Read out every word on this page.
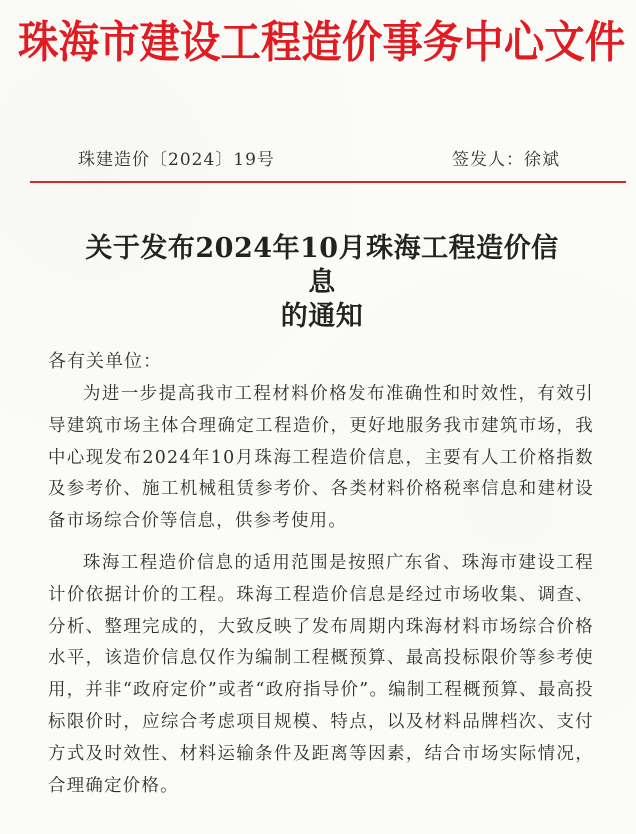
珠海市建设工程造价事务中心文件
珠建造价〔2024〕19号	签发人：徐斌
关于发布2024年10月珠海工程造价信息
的通知
各有关单位：
为进一步提高我市工程材料价格发布准确性和时效性，有效引导建筑市场主体合理确定工程造价，更好地服务我市建筑市场，我中心现发布2024年10月珠海工程造价信息，主要有人工价格指数及参考价、施工机械租赁参考价、各类材料价格税率信息和建材设备市场综合价等信息，供参考使用。
珠海工程造价信息的适用范围是按照广东省、珠海市建设工程计价依据计价的工程。珠海工程造价信息是经过市场收集、调查、分析、整理完成的，大致反映了发布周期内珠海材料市场综合价格水平，该造价信息仅作为编制工程概预算、最高投标限价等参考使用，并非“政府定价”或者“政府指导价”。编制工程概预算、最高投标限价时，应综合考虑项目规模、特点，以及材料品牌档次、支付方式及时效性、材料运输条件及距离等因素，结合市场实际情况，合理确定价格。
